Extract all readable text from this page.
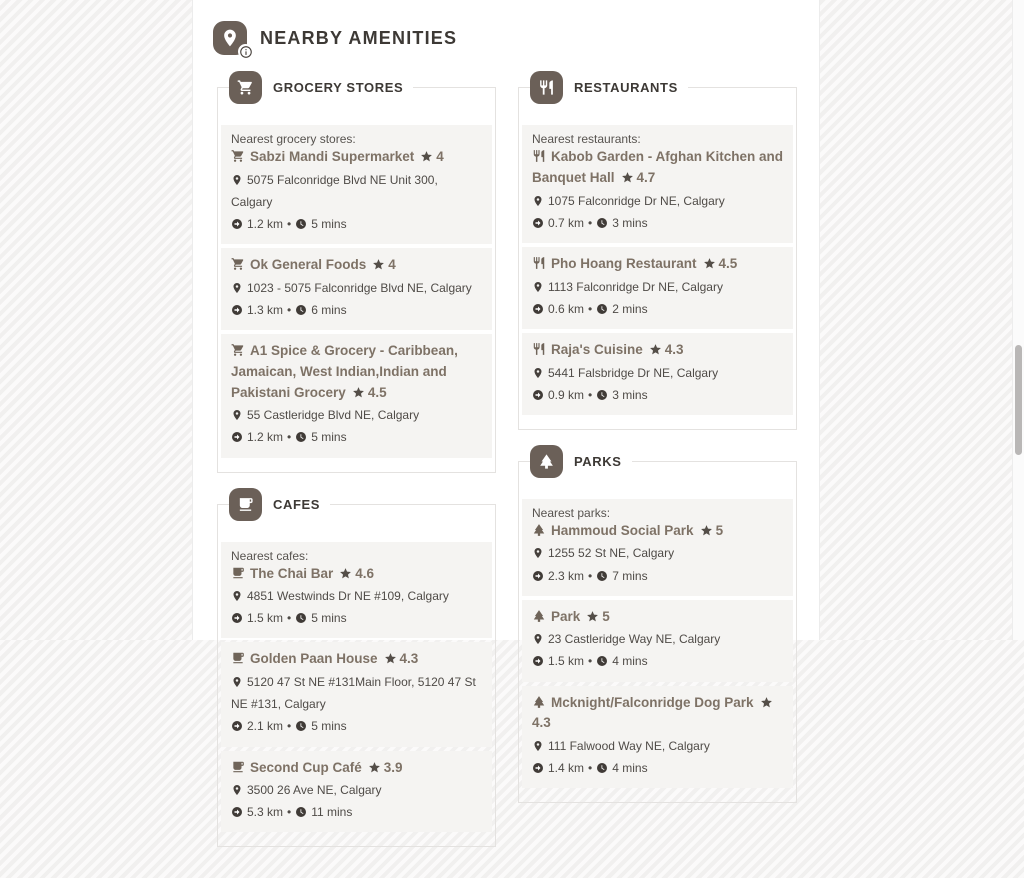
NEARBY AMENITIES
GROCERY STORES
Nearest grocery stores:
Sabzi Mandi Supermarket 4
5075 Falconridge Blvd NE Unit 300, Calgary
1.2 km • 5 mins
Ok General Foods 4
1023 - 5075 Falconridge Blvd NE, Calgary
1.3 km • 6 mins
A1 Spice & Grocery - Caribbean, Jamaican, West Indian,Indian and Pakistani Grocery 4.5
55 Castleridge Blvd NE, Calgary
1.2 km • 5 mins
CAFES
Nearest cafes:
The Chai Bar 4.6
4851 Westwinds Dr NE #109, Calgary
1.5 km • 5 mins
Golden Paan House 4.3
5120 47 St NE #131Main Floor, 5120 47 St NE #131, Calgary
2.1 km • 5 mins
Second Cup Café 3.9
3500 26 Ave NE, Calgary
5.3 km • 11 mins
RESTAURANTS
Nearest restaurants:
Kabob Garden - Afghan Kitchen and Banquet Hall 4.7
1075 Falconridge Dr NE, Calgary
0.7 km • 3 mins
Pho Hoang Restaurant 4.5
1113 Falconridge Dr NE, Calgary
0.6 km • 2 mins
Raja's Cuisine 4.3
5441 Falsbridge Dr NE, Calgary
0.9 km • 3 mins
PARKS
Nearest parks:
Hammoud Social Park 5
1255 52 St NE, Calgary
2.3 km • 7 mins
Park 5
23 Castleridge Way NE, Calgary
1.5 km • 4 mins
Mcknight/Falconridge Dog Park
4.3
111 Falwood Way NE, Calgary
1.4 km • 4 mins
